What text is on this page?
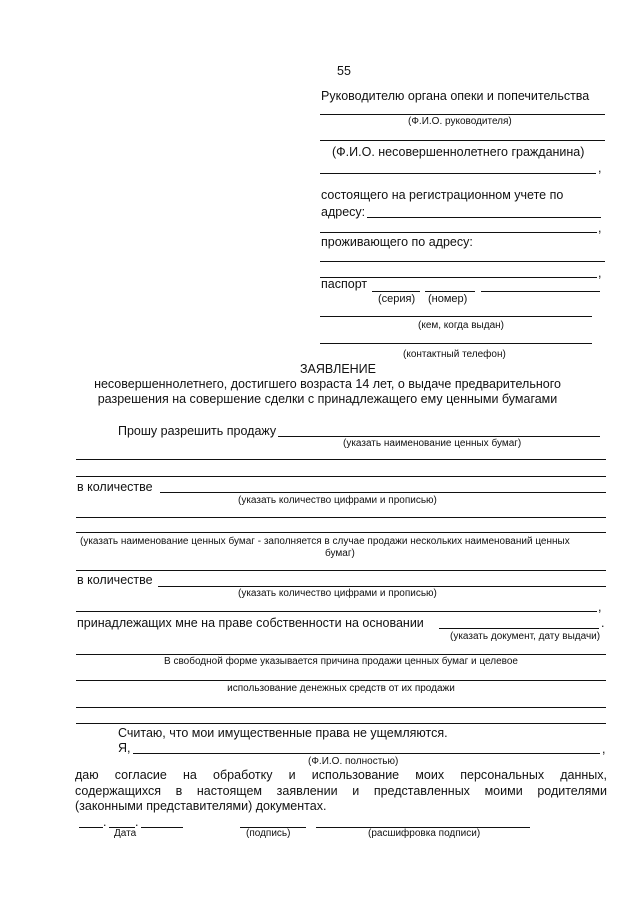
55
Руководителю органа опеки и попечительства
(Ф.И.О. руководителя)
(Ф.И.О. несовершеннолетнего гражданина)
,
состоящего на регистрационном учете по
адресу:
,
проживающего по адресу:
,
паспорт
(серия) (номер)
(кем, когда выдан)
(контактный телефон)
ЗАЯВЛЕНИЕ
несовершеннолетнего, достигшего возраста 14 лет, о выдаче предварительного
разрешения на совершение сделки с принадлежащего ему ценными бумагами
Прошу разрешить продажу
(указать наименование ценных бумаг)
в количестве
(указать количество цифрами и прописью)
(указать наименование ценных бумаг - заполняется в случае продажи нескольких наименований ценных
бумаг)
в количестве
(указать количество цифрами и прописью)
,
принадлежащих мне на праве собственности на основании	.
(указать документ, дату выдачи)
В свободной форме указывается причина продажи ценных бумаг и целевое
использование денежных средств от их продажи
Считаю, что мои имущественные права не ущемляются.
Я,	,
(Ф.И.О. полностью)
даю согласие на обработку и использование моих персональных данных,
содержащихся в настоящем заявлении и представленных моими родителями
(законными представителями) документах.
. .
Дата	(подпись)	(расшифровка подписи)
